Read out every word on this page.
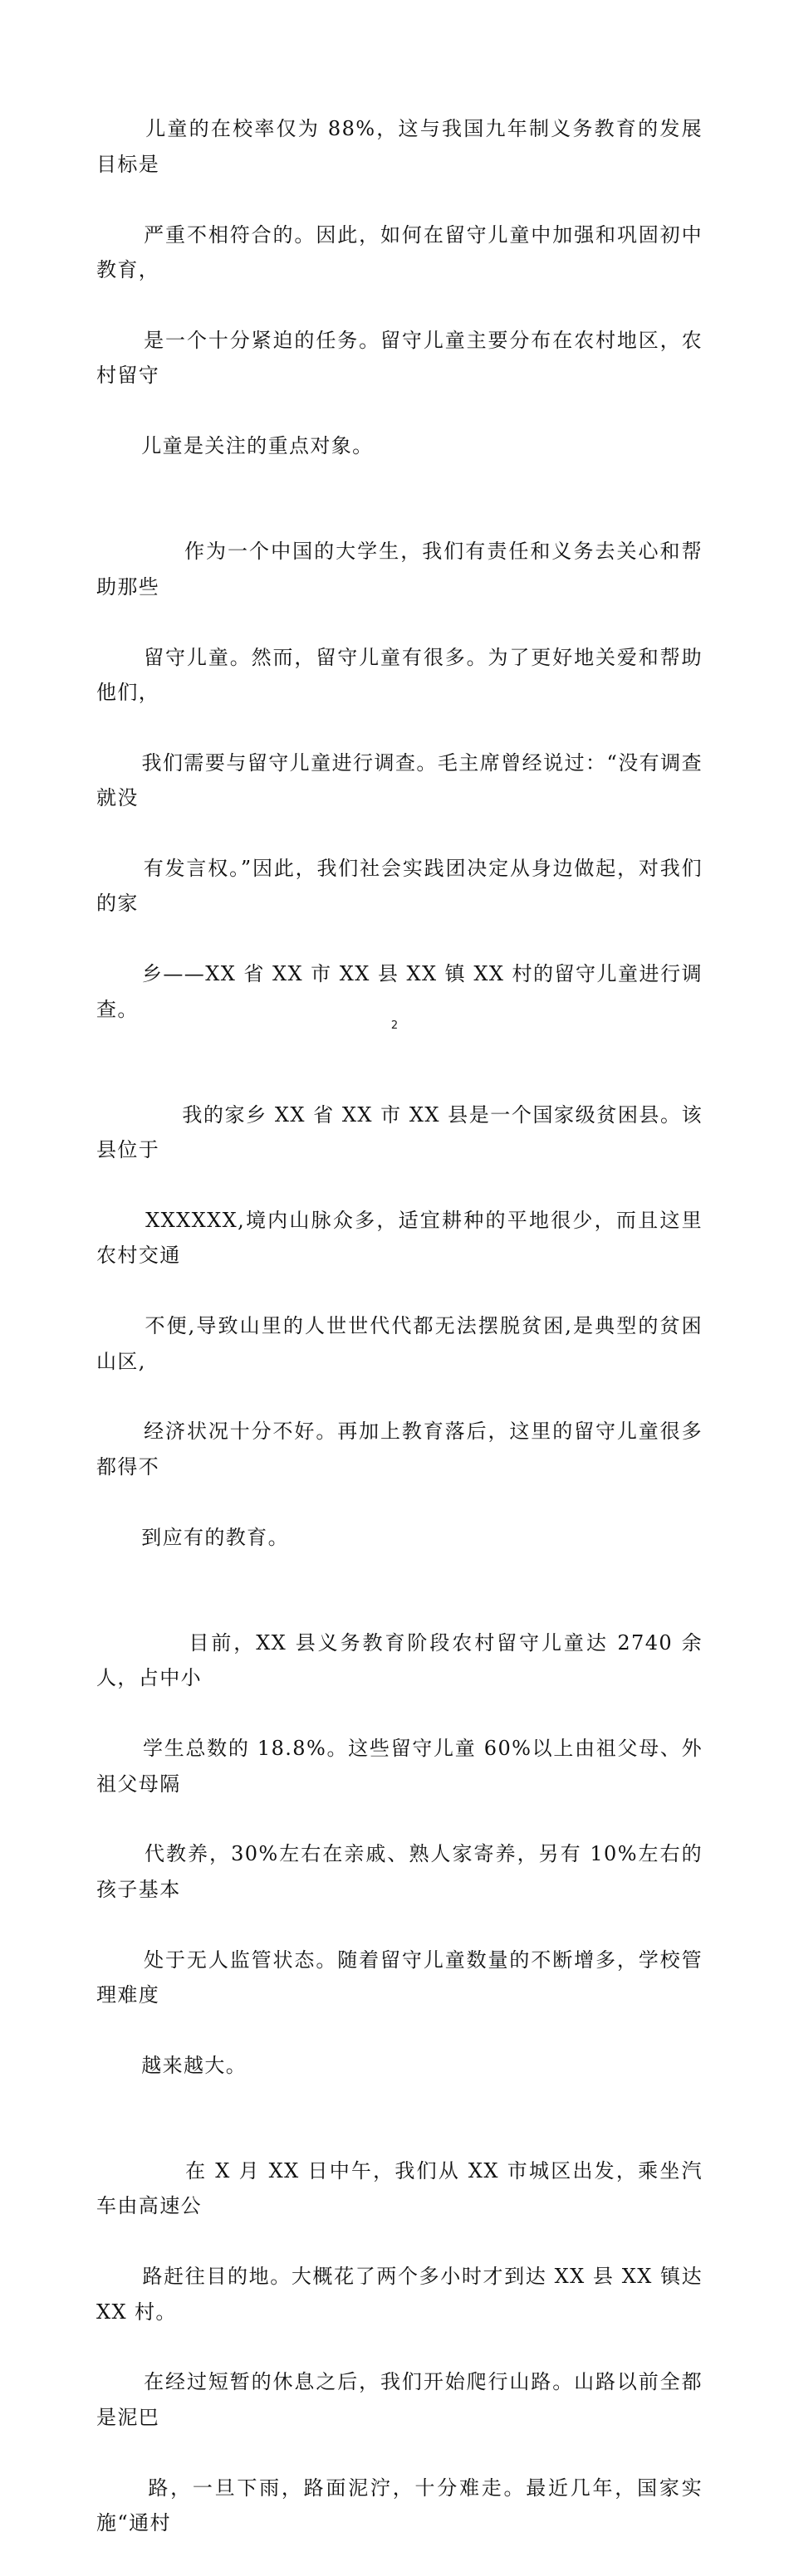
儿童的在校率仅为 88%，这与我国九年制义务教育的发展目标是

严重不相符合的。因此，如何在留守儿童中加强和巩固初中教育，

是一个十分紧迫的任务。留守儿童主要分布在农村地区，农村留守

儿童是关注的重点对象。

作为一个中国的大学生，我们有责任和义务去关心和帮助那些

留守儿童。然而，留守儿童有很多。为了更好地关爱和帮助他们，

我们需要与留守儿童进行调查。毛主席曾经说过：“没有调查就没

有发言权。”因此，我们社会实践团决定从身边做起，对我们的家

乡——XX 省 XX 市 XX 县 XX 镇 XX 村的留守儿童进行调查。

我的家乡 XX 省 XX 市 XX 县是一个国家级贫困县。该县位于

XXXXXX,境内山脉众多，适宜耕种的平地很少，而且这里农村交通

不便,导致山里的人世世代代都无法摆脱贫困,是典型的贫困山区,

经济状况十分不好。再加上教育落后，这里的留守儿童很多都得不

到应有的教育。

目前，XX 县义务教育阶段农村留守儿童达 2740 余人，占中小

学生总数的 18.8%。这些留守儿童 60%以上由祖父母、外祖父母隔

代教养，30%左右在亲戚、熟人家寄养，另有 10%左右的孩子基本

处于无人监管状态。随着留守儿童数量的不断增多，学校管理难度

越来越大。

在 X 月 XX 日中午，我们从 XX 市城区出发，乘坐汽车由高速公

路赶往目的地。大概花了两个多小时才到达 XX 县 XX 镇达 XX 村。

在经过短暂的休息之后，我们开始爬行山路。山路以前全都是泥巴

路，一旦下雨，路面泥泞，十分难走。最近几年，国家实施“通村

2
